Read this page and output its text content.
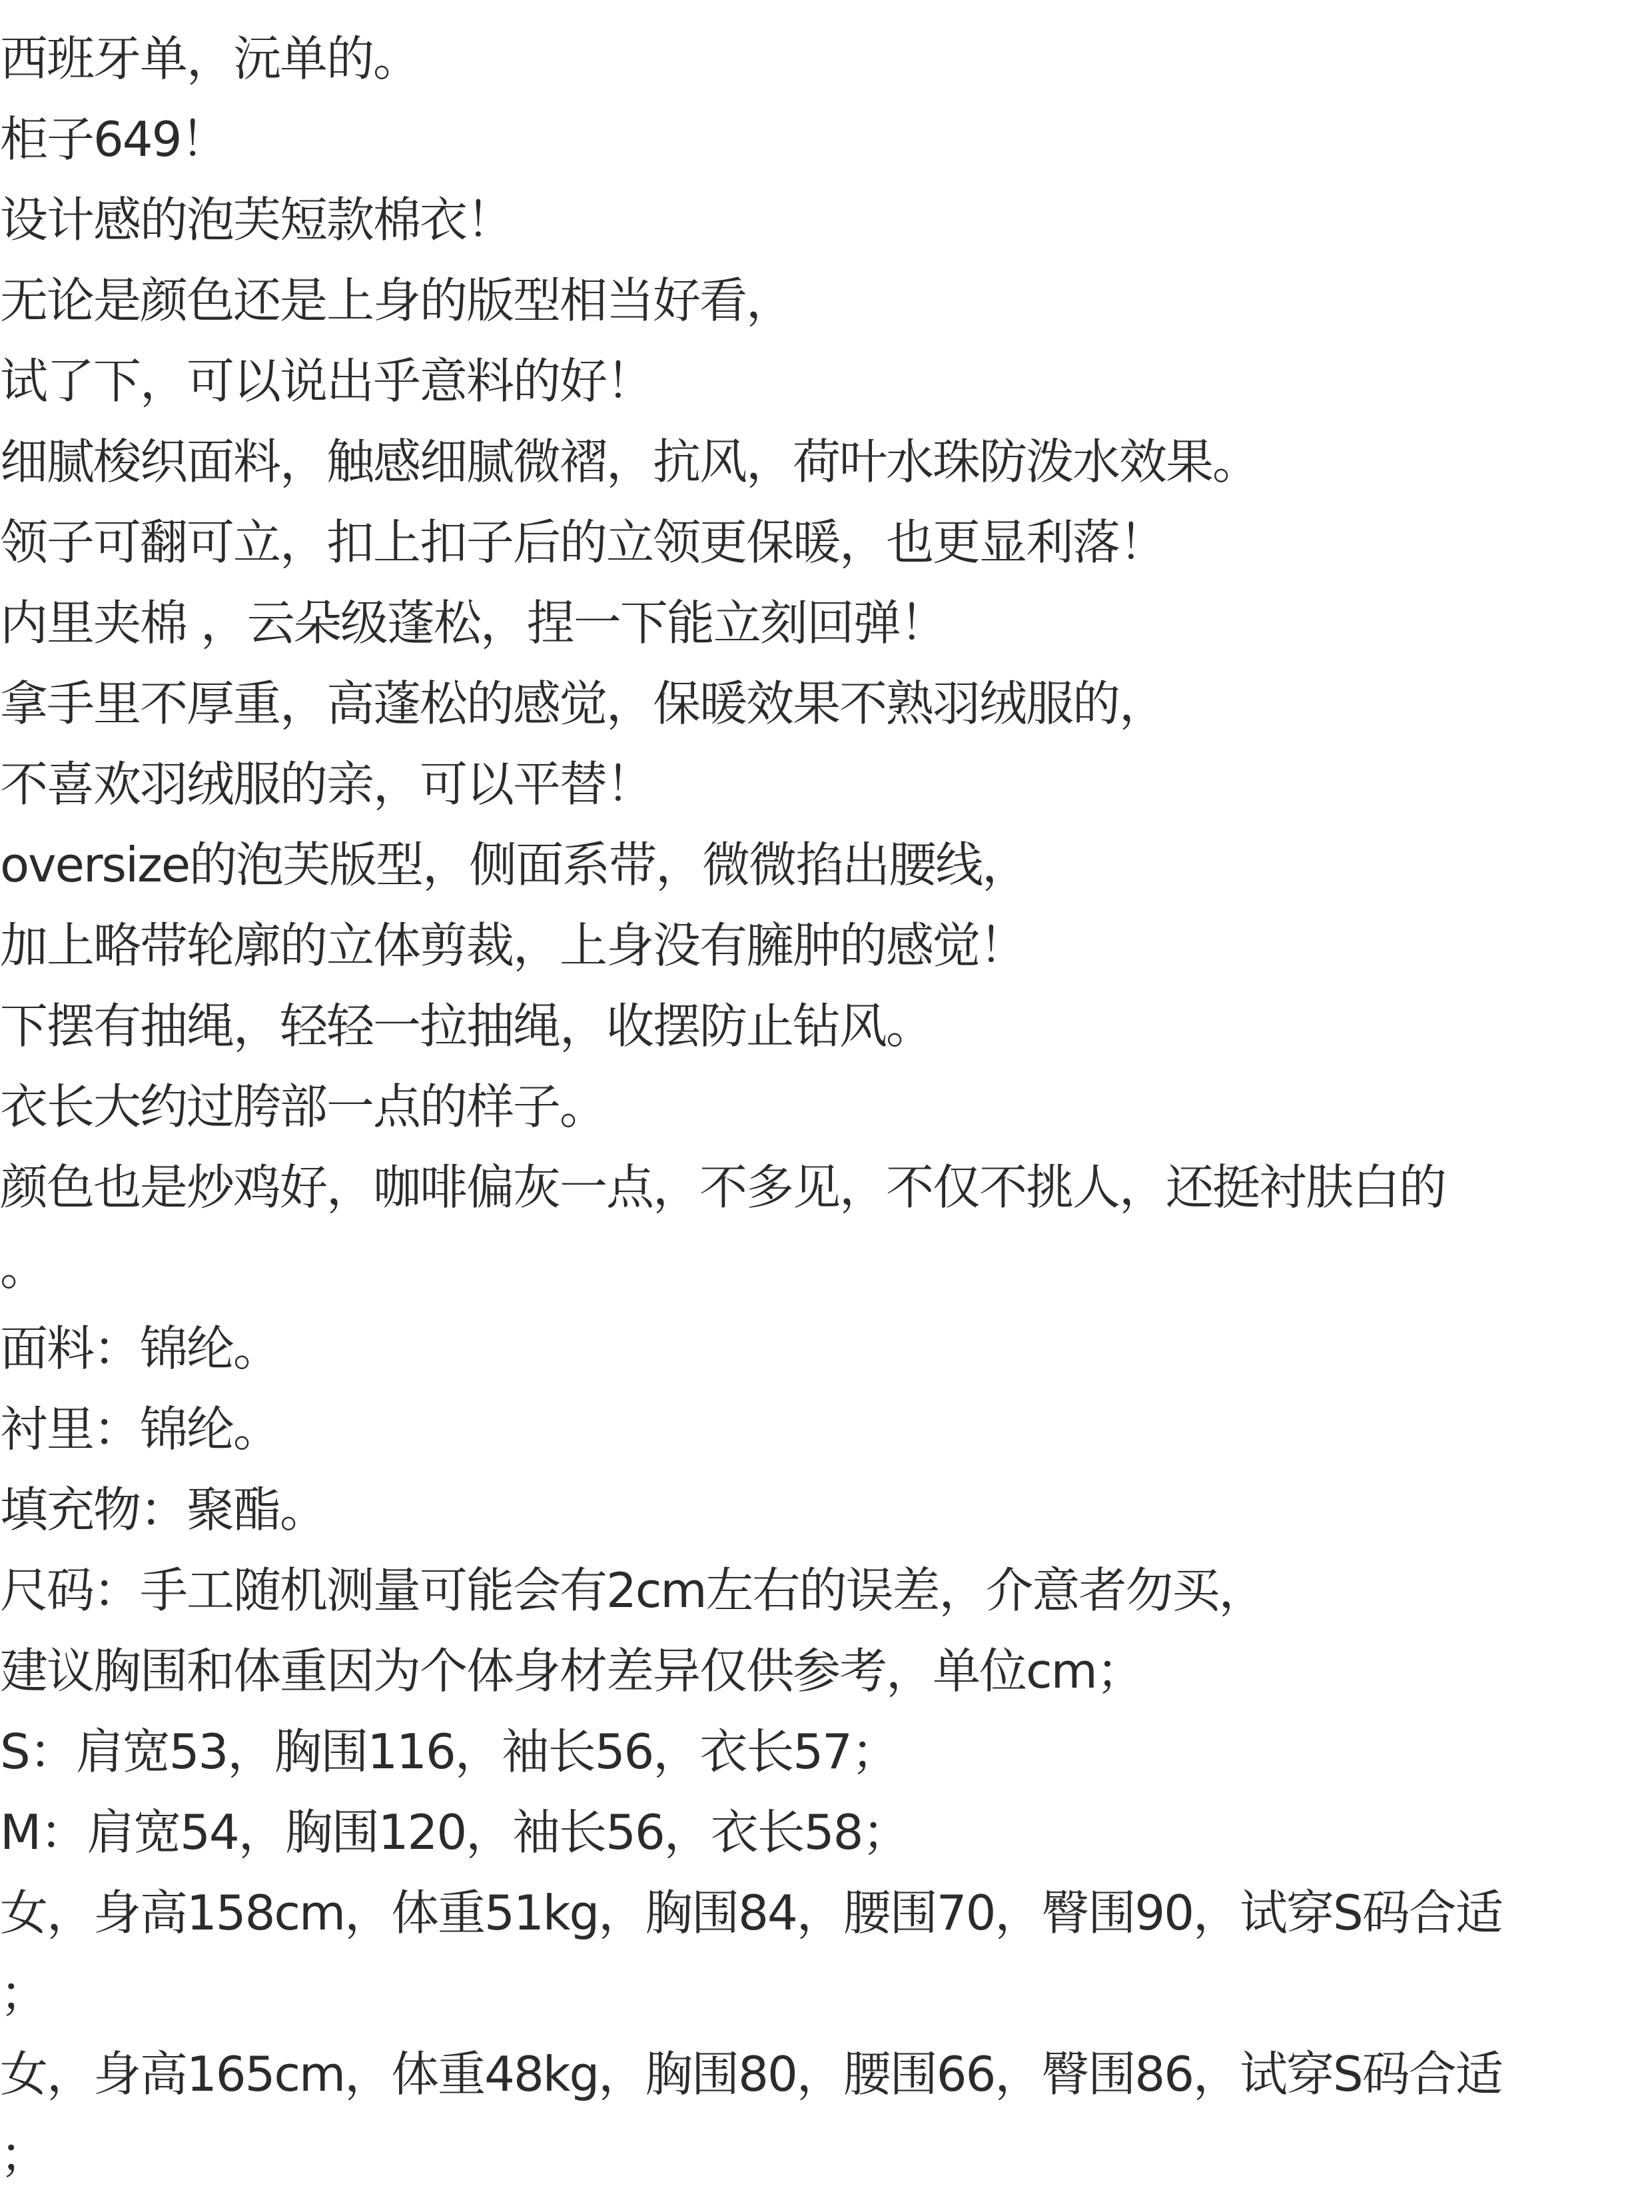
西班牙单，沅单的。
柜子649！
设计感的泡芙短款棉衣！
无论是颜色还是上身的版型相当好看，
试了下，可以说出乎意料的好！
细腻梭织面料，触感细腻微褶，抗风，荷叶水珠防泼水效果。
领子可翻可立，扣上扣子后的立领更保暖，也更显利落！
内里夹棉 ，云朵级蓬松，捏一下能立刻回弹！
拿手里不厚重，高蓬松的感觉，保暖效果不熟羽绒服的，
不喜欢羽绒服的亲，可以平替！
oversize的泡芙版型，侧面系带，微微掐出腰线，
加上略带轮廓的立体剪裁，上身没有臃肿的感觉！
下摆有抽绳，轻轻一拉抽绳，收摆防止钻风。
衣长大约过胯部一点的样子。
颜色也是炒鸡好，咖啡偏灰一点，不多见，不仅不挑人，还挺衬肤白的
。
面料：锦纶。
衬里：锦纶。
填充物：聚酯。
尺码：手工随机测量可能会有2cm左右的误差，介意者勿买，
建议胸围和体重因为个体身材差异仅供参考，单位cm；
S：肩宽53，胸围116，袖长56，衣长57；
M：肩宽54，胸围120，袖长56，衣长58；
女，身高158cm，体重51kg，胸围84，腰围70，臀围90，试穿S码合适
；
女，身高165cm，体重48kg，胸围80，腰围66，臀围86，试穿S码合适
；
